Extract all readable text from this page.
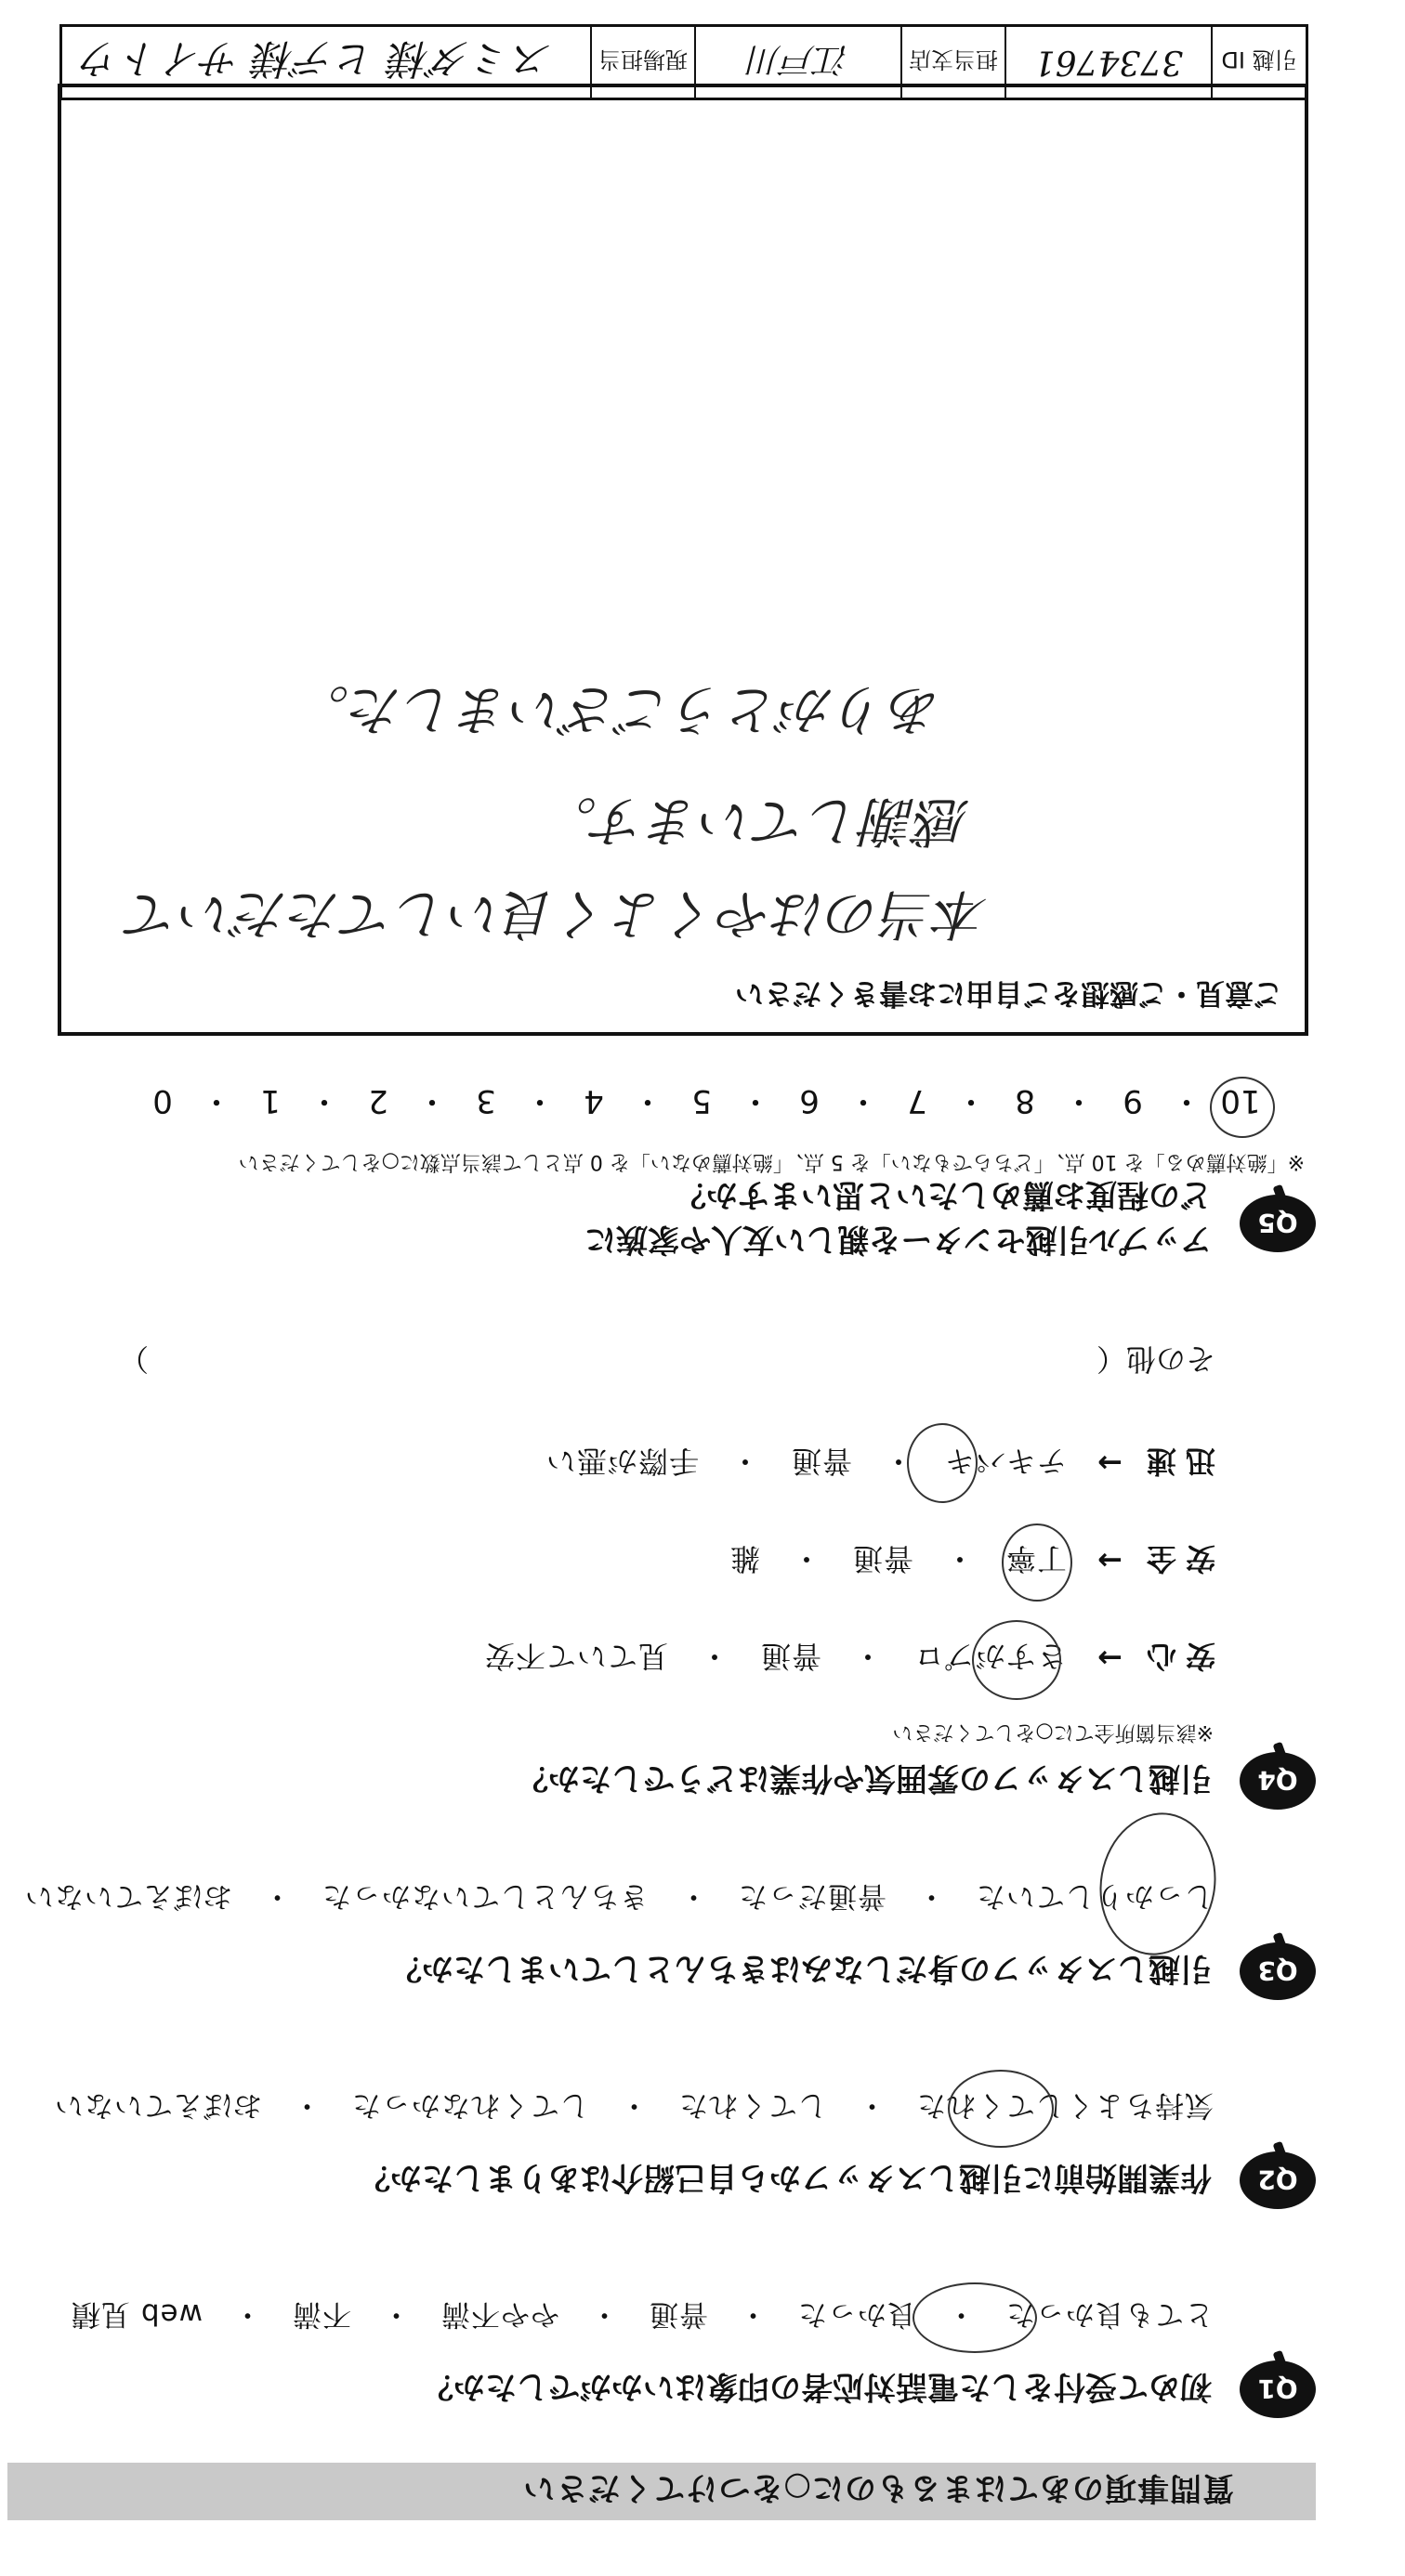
質問事項のあてはまるものに○をつけてください
Q1
初めて受付をした電話対応者の印象はいかがでしたか？
とても良かった　・　良かった　・　普通　・　やや不満　・　不満　・　web 見積
Q2
作業開始前に引越しスタッフから自己紹介はありましたか？
気持ちよくしてくれた　・　してくれた　・　してくれなかった　・　おぼえていない
Q3
引越しスタッフの身だしなみはきちんとしていましたか？
しっかりしていた　・　普通だった　・　きちんとしていなかった　・　おぼえていない
Q4
引越しスタッフの雰囲気や作業はどうでしたか？
※該当箇所全てに○をしてください
安心
→
さすがプロ　・　普通　・　見ていて不安
安全
→
丁寧　・　普通　・　雑
迅速
→
テキパキ　・　普通　・　手際が悪い
その他（
）
Q5
アップル引越センターを親しい友人や家族に
どの程度お薦めしたいと思いますか？
※「絶対薦める」を 10 点、「どちらでもない」を 5 点、「絶対薦めない」を 0 点として該当点数に○をしてください
10・9・8・7・6・5・4・3・2・1・0
ご意見・ご感想をご自由にお書きください
本当のはやくよく良いしてただいて
感謝しています。
ありがとうございました。
引越 ID
3734761
担当支店
江戸川
現場担当
スミダ様 ヒデ様 サイトウ
